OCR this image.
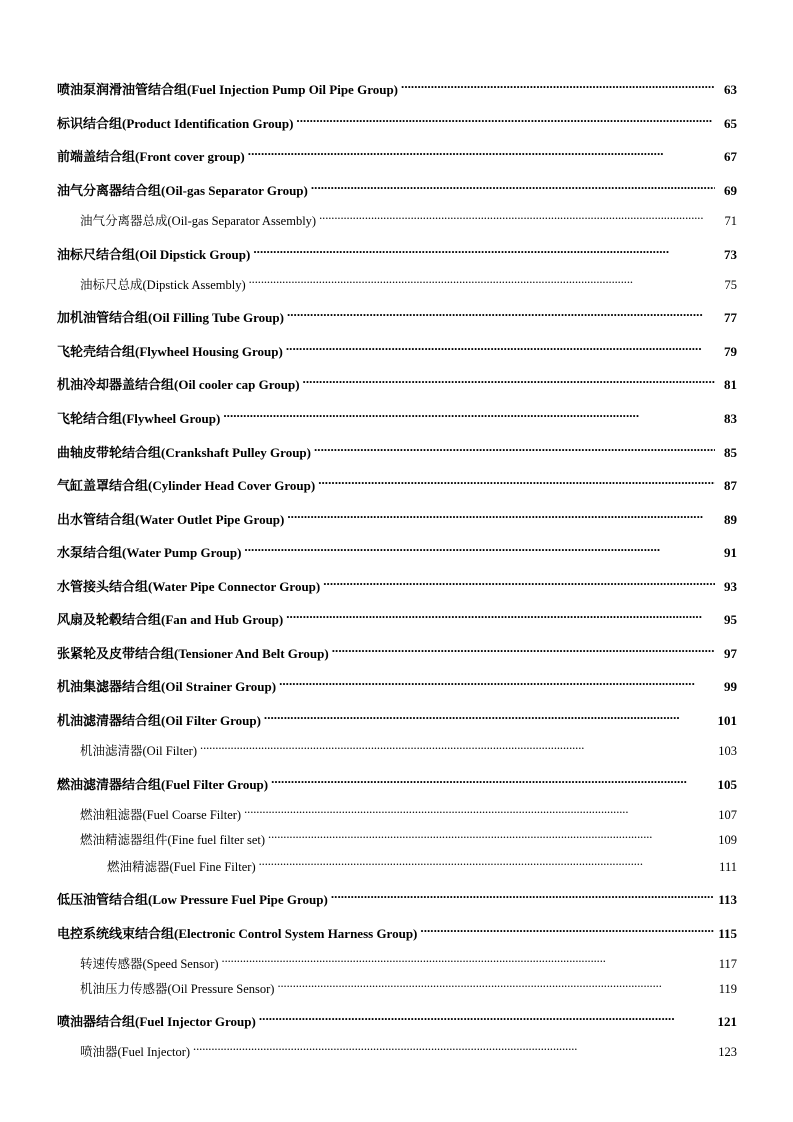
喷油泵润滑油管结合组(Fuel Injection Pump Oil Pipe Group) . . .	63
标识结合组(Product Identification Group) . . .	65
前端盖结合组(Front cover group) . . .	67
油气分离器结合组(Oil-gas Separator Group) . . .	69
油气分离器总成(Oil-gas Separator Assembly) . . .	71
油标尺结合组(Oil Dipstick Group) . . .	73
油标尺总成(Dipstick Assembly) . . .	75
加机油管结合组(Oil Filling Tube Group) . . .	77
飞轮壳结合组(Flywheel Housing Group) . . .	79
机油冷却器盖结合组(Oil cooler cap Group) . . .	81
飞轮结合组(Flywheel Group) . . .	83
曲轴皮带轮结合组(Crankshaft Pulley Group) . . .	85
气缸盖罩结合组(Cylinder Head Cover Group) . . .	87
出水管结合组(Water Outlet Pipe Group) . . .	89
水泵结合组(Water Pump Group) . . .	91
水管接头结合组(Water Pipe Connector Group) . . .	93
风扇及轮毂结合组(Fan and Hub Group) . . .	95
张紧轮及皮带结合组(Tensioner And Belt Group) . . .	97
机油集滤器结合组(Oil Strainer Group) . . .	99
机油滤清器结合组(Oil Filter Group) . . .	101
机油滤清器(Oil Filter) . . .	103
燃油滤清器结合组(Fuel Filter Group) . . .	105
燃油粗滤器(Fuel Coarse Filter) . . .	107
燃油精滤器组件(Fine fuel filter set) . . .	109
燃油精滤器(Fuel Fine Filter) . . .	111
低压油管结合组(Low Pressure Fuel Pipe Group) . . .	113
电控系统线束结合组(Electronic Control System Harness Group) . . .	115
转速传感器(Speed Sensor) . . .	117
机油压力传感器(Oil Pressure Sensor) . . .	119
喷油器结合组(Fuel Injector Group) . . .	121
喷油器(Fuel Injector) . . .	123
